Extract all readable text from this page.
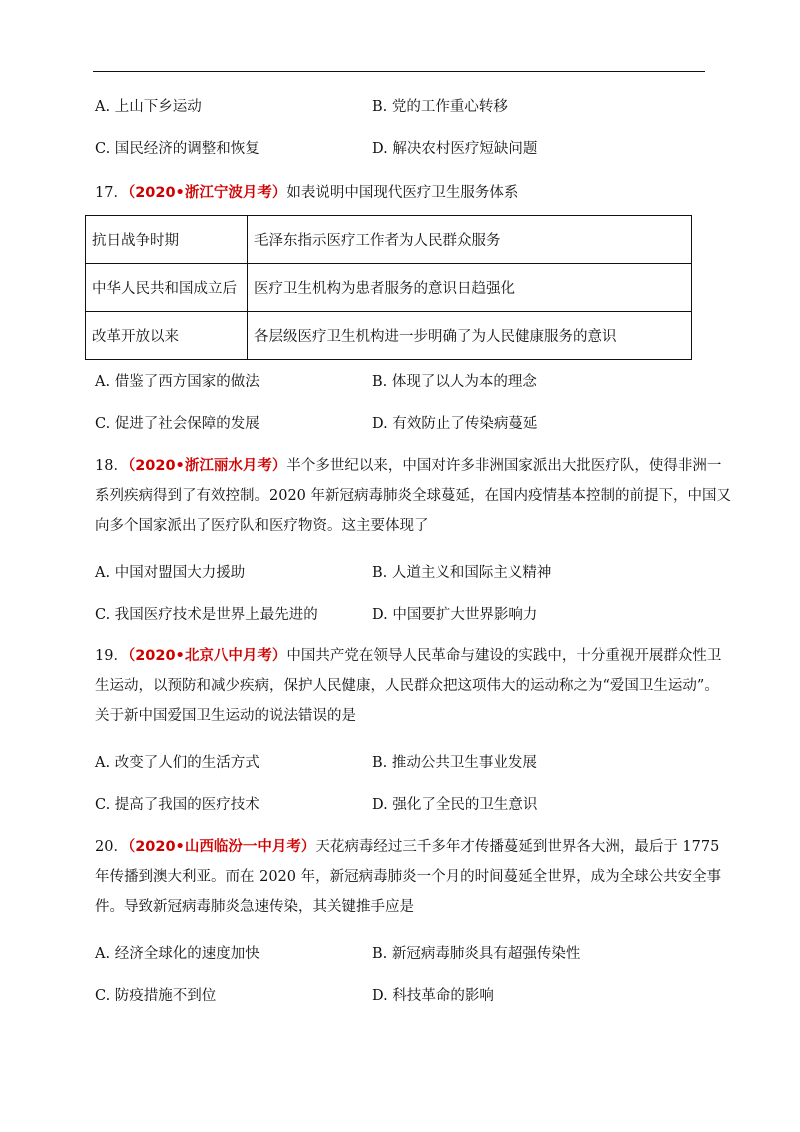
A. 上山下乡运动	B. 党的工作重心转移
C. 国民经济的调整和恢复	D. 解决农村医疗短缺问题
17．（2020•浙江宁波月考）如表说明中国现代医疗卫生服务体系
抗日战争时期	毛泽东指示医疗工作者为人民群众服务
中华人民共和国成立后	医疗卫生机构为患者服务的意识日趋强化
改革开放以来	各层级医疗卫生机构进一步明确了为人民健康服务的意识
A. 借鉴了西方国家的做法	B. 体现了以人为本的理念
C. 促进了社会保障的发展	D. 有效防止了传染病蔓延
18．（2020•浙江丽水月考）半个多世纪以来，中国对许多非洲国家派出大批医疗队，使得非洲一
系列疾病得到了有效控制。2020 年新冠病毒肺炎全球蔓延，在国内疫情基本控制的前提下，中国又
向多个国家派出了医疗队和医疗物资。这主要体现了
A. 中国对盟国大力援助	B. 人道主义和国际主义精神
C. 我国医疗技术是世界上最先进的	D. 中国要扩大世界影响力
19．（2020•北京八中月考）中国共产党在领导人民革命与建设的实践中，十分重视开展群众性卫
生运动，以预防和减少疾病，保护人民健康，人民群众把这项伟大的运动称之为“爱国卫生运动”。
关于新中国爱国卫生运动的说法错误的是
A. 改变了人们的生活方式	B. 推动公共卫生事业发展
C. 提高了我国的医疗技术	D. 强化了全民的卫生意识
20．（2020•山西临汾一中月考）天花病毒经过三千多年才传播蔓延到世界各大洲，最后于 1775
年传播到澳大利亚。而在 2020 年，新冠病毒肺炎一个月的时间蔓延全世界，成为全球公共安全事
件。导致新冠病毒肺炎急速传染，其关键推手应是
A. 经济全球化的速度加快	B. 新冠病毒肺炎具有超强传染性
C. 防疫措施不到位	D. 科技革命的影响
